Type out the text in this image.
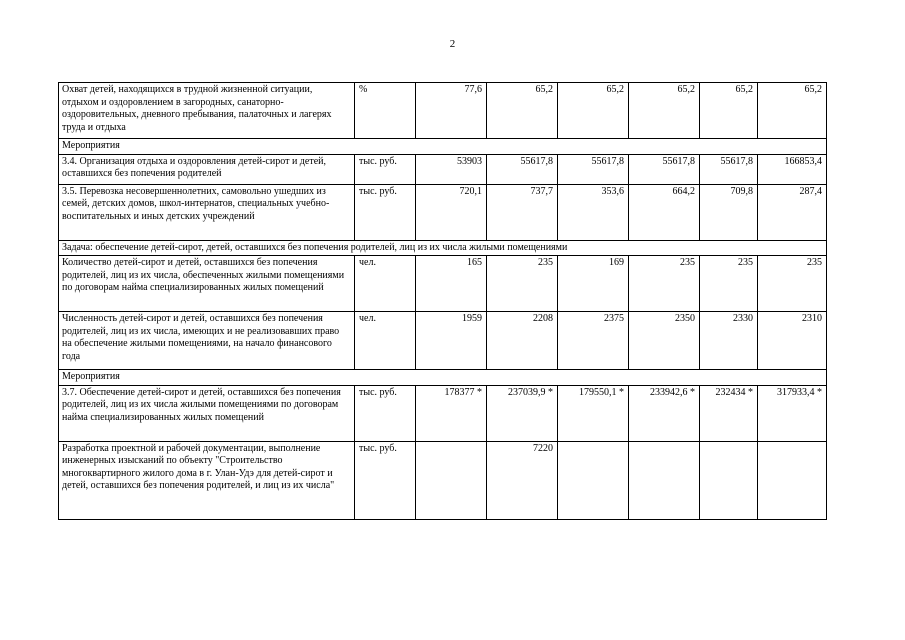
2
Охват детей, находящихся в трудной жизненной ситуации, отдыхом и оздоровлением в загородных, санаторно-оздоровительных, дневного пребывания, палаточных и лагерях труда и отдыха	%	77,6	65,2	65,2	65,2	65,2	65,2
Мероприятия							
3.4. Организация отдыха и оздоровления детей-сирот и детей, оставшихся без попечения родителей	тыс. руб.	53903	55617,8	55617,8	55617,8	55617,8	166853,4
3.5. Перевозка несовершеннолетних, самовольно ушедших из семей, детских домов, школ-интернатов, специальных учебно-воспитательных и иных детских учреждений	тыс. руб.	720,1	737,7	353,6	664,2	709,8	287,4
Задача: обеспечение детей-сирот, детей, оставшихся без попечения родителей, лиц из их числа жилыми помещениями							
Количество детей-сирот и детей, оставшихся без попечения родителей, лиц из их числа, обеспеченных жилыми помещениями по договорам найма специализированных жилых помещений	чел.	165	235	169	235	235	235
Численность детей-сирот и детей, оставшихся без попечения родителей, лиц из их числа, имеющих и не реализовавших право на обеспечение жилыми помещениями, на начало финансового года	чел.	1959	2208	2375	2350	2330	2310
Мероприятия							
3.7. Обеспечение детей-сирот и детей, оставшихся без попечения родителей, лиц из их числа жилыми помещениями по договорам найма специализированных жилых помещений	тыс. руб.	178377 *	237039,9 *	179550,1 *	233942,6 *	232434 *	317933,4 *
Разработка проектной и рабочей документации, выполнение инженерных изысканий по объекту "Строительство многоквартирного жилого дома в г. Улан-Удэ для детей-сирот и детей, оставшихся без попечения родителей, и лиц из их числа"	тыс. руб.		7220				
